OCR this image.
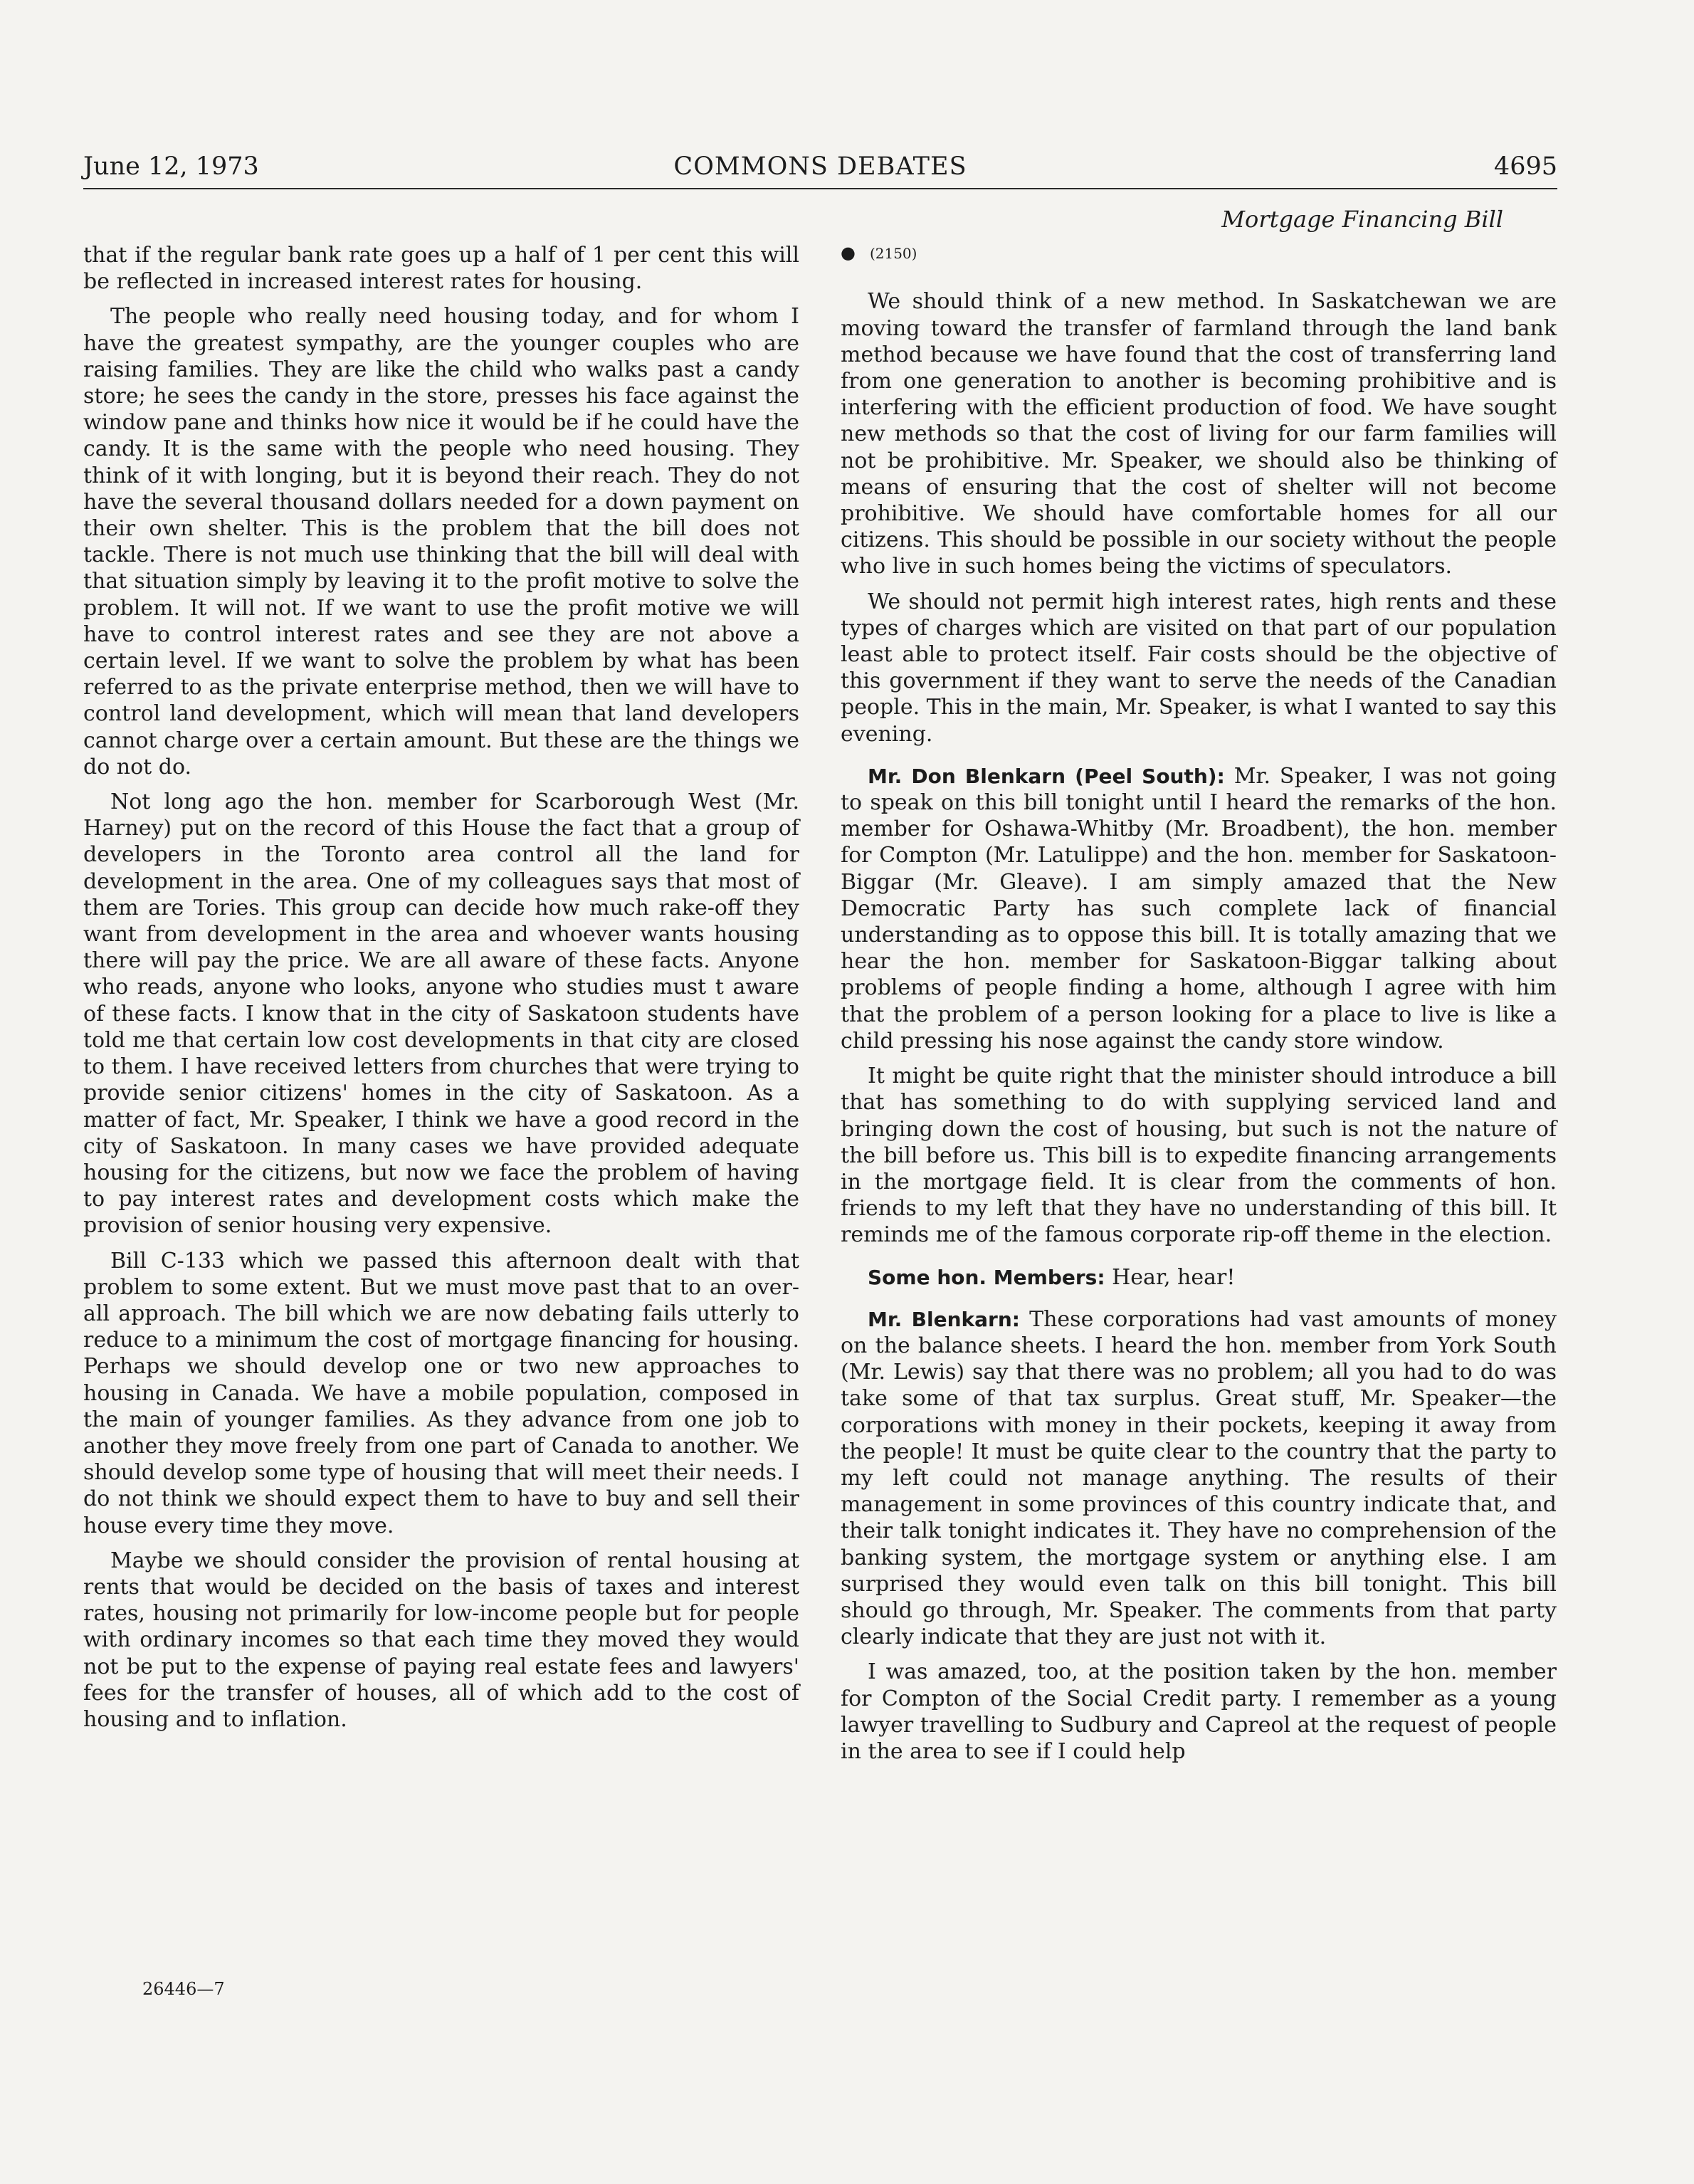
June 12, 1973	COMMONS DEBATES	4695

that if the regular bank rate goes up a half of 1 per cent this will be reflected in increased interest rates for housing.

The people who really need housing today, and for whom I have the greatest sympathy, are the younger couples who are raising families. They are like the child who walks past a candy store; he sees the candy in the store, presses his face against the window pane and thinks how nice it would be if he could have the candy. It is the same with the people who need housing. They think of it with longing, but it is beyond their reach. They do not have the several thousand dollars needed for a down payment on their own shelter. This is the problem that the bill does not tackle. There is not much use thinking that the bill will deal with that situation simply by leaving it to the profit motive to solve the problem. It will not. If we want to use the profit motive we will have to control interest rates and see they are not above a certain level. If we want to solve the problem by what has been referred to as the private enterprise method, then we will have to control land development, which will mean that land developers cannot charge over a certain amount. But these are the things we do not do.

Not long ago the hon. member for Scarborough West (Mr. Harney) put on the record of this House the fact that a group of developers in the Toronto area control all the land for development in the area. One of my colleagues says that most of them are Tories. This group can decide how much rake-off they want from development in the area and whoever wants housing there will pay the price. We are all aware of these facts. Anyone who reads, anyone who looks, anyone who studies must t aware of these facts. I know that in the city of Saskatoon students have told me that certain low cost developments in that city are closed to them. I have received letters from churches that were trying to provide senior citizens' homes in the city of Saskatoon. As a matter of fact, Mr. Speaker, I think we have a good record in the city of Saskatoon. In many cases we have provided adequate housing for the citizens, but now we face the problem of having to pay interest rates and development costs which make the provision of senior housing very expensive.

Bill C-133 which we passed this afternoon dealt with that problem to some extent. But we must move past that to an over-all approach. The bill which we are now debating fails utterly to reduce to a minimum the cost of mortgage financing for housing. Perhaps we should develop one or two new approaches to housing in Canada. We have a mobile population, composed in the main of younger families. As they advance from one job to another they move freely from one part of Canada to another. We should develop some type of housing that will meet their needs. I do not think we should expect them to have to buy and sell their house every time they move.

Maybe we should consider the provision of rental housing at rents that would be decided on the basis of taxes and interest rates, housing not primarily for low-income people but for people with ordinary incomes so that each time they moved they would not be put to the expense of paying real estate fees and lawyers' fees for the transfer of houses, all of which add to the cost of housing and to inflation.

Mortgage Financing Bill
● (2150)

We should think of a new method. In Saskatchewan we are moving toward the transfer of farmland through the land bank method because we have found that the cost of transferring land from one generation to another is becoming prohibitive and is interfering with the efficient production of food. We have sought new methods so that the cost of living for our farm families will not be prohibitive. Mr. Speaker, we should also be thinking of means of ensuring that the cost of shelter will not become prohibitive. We should have comfortable homes for all our citizens. This should be possible in our society without the people who live in such homes being the victims of speculators.

We should not permit high interest rates, high rents and these types of charges which are visited on that part of our population least able to protect itself. Fair costs should be the objective of this government if they want to serve the needs of the Canadian people. This in the main, Mr. Speaker, is what I wanted to say this evening.

Mr. Don Blenkarn (Peel South): Mr. Speaker, I was not going to speak on this bill tonight until I heard the remarks of the hon. member for Oshawa-Whitby (Mr. Broadbent), the hon. member for Compton (Mr. Latulippe) and the hon. member for Saskatoon-Biggar (Mr. Gleave). I am simply amazed that the New Democratic Party has such complete lack of financial understanding as to oppose this bill. It is totally amazing that we hear the hon. member for Saskatoon-Biggar talking about problems of people finding a home, although I agree with him that the problem of a person looking for a place to live is like a child pressing his nose against the candy store window.

It might be quite right that the minister should introduce a bill that has something to do with supplying serviced land and bringing down the cost of housing, but such is not the nature of the bill before us. This bill is to expedite financing arrangements in the mortgage field. It is clear from the comments of hon. friends to my left that they have no understanding of this bill. It reminds me of the famous corporate rip-off theme in the election.

Some hon. Members: Hear, hear!

Mr. Blenkarn: These corporations had vast amounts of money on the balance sheets. I heard the hon. member from York South (Mr. Lewis) say that there was no problem; all you had to do was take some of that tax surplus. Great stuff, Mr. Speaker—the corporations with money in their pockets, keeping it away from the people! It must be quite clear to the country that the party to my left could not manage anything. The results of their management in some provinces of this country indicate that, and their talk tonight indicates it. They have no comprehension of the banking system, the mortgage system or anything else. I am surprised they would even talk on this bill tonight. This bill should go through, Mr. Speaker. The comments from that party clearly indicate that they are just not with it.

I was amazed, too, at the position taken by the hon. member for Compton of the Social Credit party. I remember as a young lawyer travelling to Sudbury and Capreol at the request of people in the area to see if I could help

26446—7
